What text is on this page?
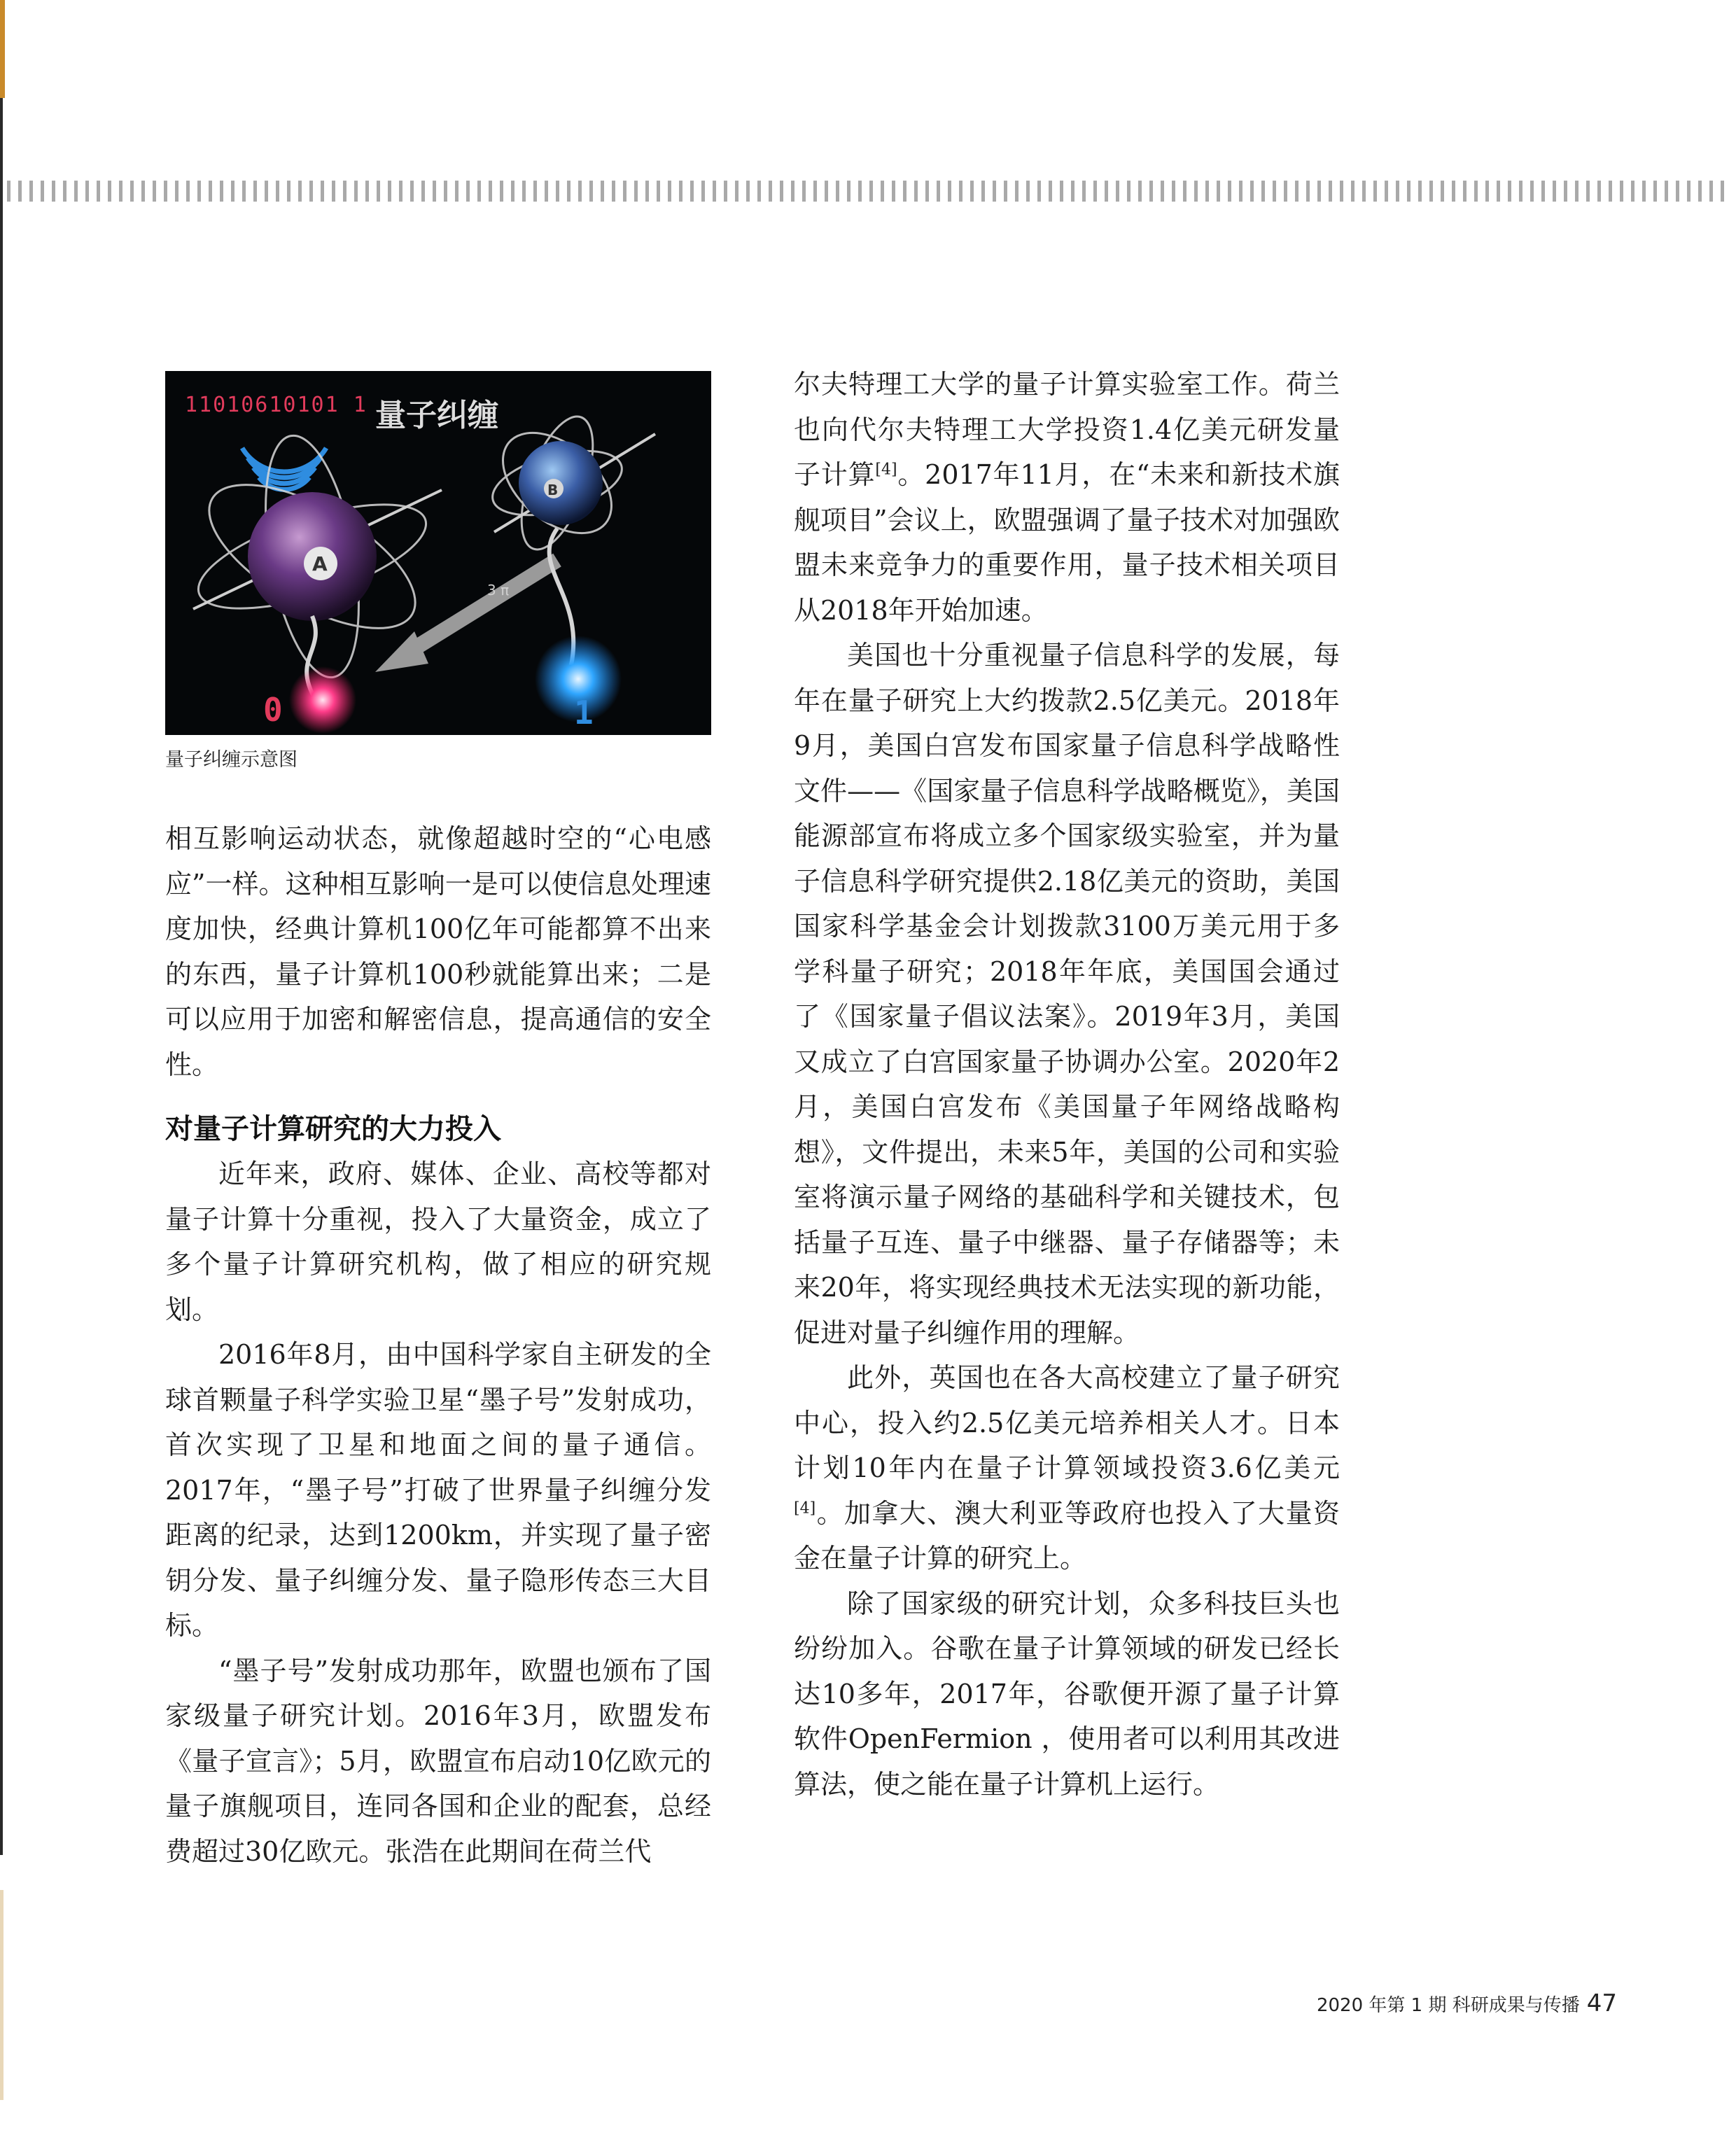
11010610101 1 量子纠缠
A
B
3 π
0	1
量子纠缠示意图

相互影响运动状态，就像超越时空的“心电感应”一样。这种相互影响一是可以使信息处理速度加快，经典计算机100亿年可能都算不出来的东西，量子计算机100秒就能算出来；二是可以应用于加密和解密信息，提高通信的安全性。

对量子计算研究的大力投入

近年来，政府、媒体、企业、高校等都对量子计算十分重视，投入了大量资金，成立了多个量子计算研究机构，做了相应的研究规划。

2016年8月，由中国科学家自主研发的全球首颗量子科学实验卫星“墨子号”发射成功，首次实现了卫星和地面之间的量子通信。2017年，“墨子号”打破了世界量子纠缠分发距离的纪录，达到1200km，并实现了量子密钥分发、量子纠缠分发、量子隐形传态三大目标。

“墨子号”发射成功那年，欧盟也颁布了国家级量子研究计划。2016年3月，欧盟发布《量子宣言》；5月，欧盟宣布启动10亿欧元的量子旗舰项目，连同各国和企业的配套，总经费超过30亿欧元。张浩在此期间在荷兰代

尔夫特理工大学的量子计算实验室工作。荷兰也向代尔夫特理工大学投资1.4亿美元研发量子计算[4]。2017年11月，在“未来和新技术旗舰项目”会议上，欧盟强调了量子技术对加强欧盟未来竞争力的重要作用，量子技术相关项目从2018年开始加速。

美国也十分重视量子信息科学的发展，每年在量子研究上大约拨款2.5亿美元。2018年9月，美国白宫发布国家量子信息科学战略性文件——《国家量子信息科学战略概览》，美国能源部宣布将成立多个国家级实验室，并为量子信息科学研究提供2.18亿美元的资助，美国国家科学基金会计划拨款3100万美元用于多学科量子研究；2018年年底，美国国会通过了《国家量子倡议法案》。2019年3月，美国又成立了白宫国家量子协调办公室。2020年2月，美国白宫发布《美国量子年网络战略构想》，文件提出，未来5年，美国的公司和实验室将演示量子网络的基础科学和关键技术，包括量子互连、量子中继器、量子存储器等；未来20年，将实现经典技术无法实现的新功能，促进对量子纠缠作用的理解。

此外，英国也在各大高校建立了量子研究中心，投入约2.5亿美元培养相关人才。日本计划10年内在量子计算领域投资3.6亿美元[4]。加拿大、澳大利亚等政府也投入了大量资金在量子计算的研究上。

除了国家级的研究计划，众多科技巨头也纷纷加入。谷歌在量子计算领域的研发已经长达10多年，2017年，谷歌便开源了量子计算软件OpenFermion ，使用者可以利用其改进算法，使之能在量子计算机上运行。

2020 年第 1 期 科研成果与传播 47
